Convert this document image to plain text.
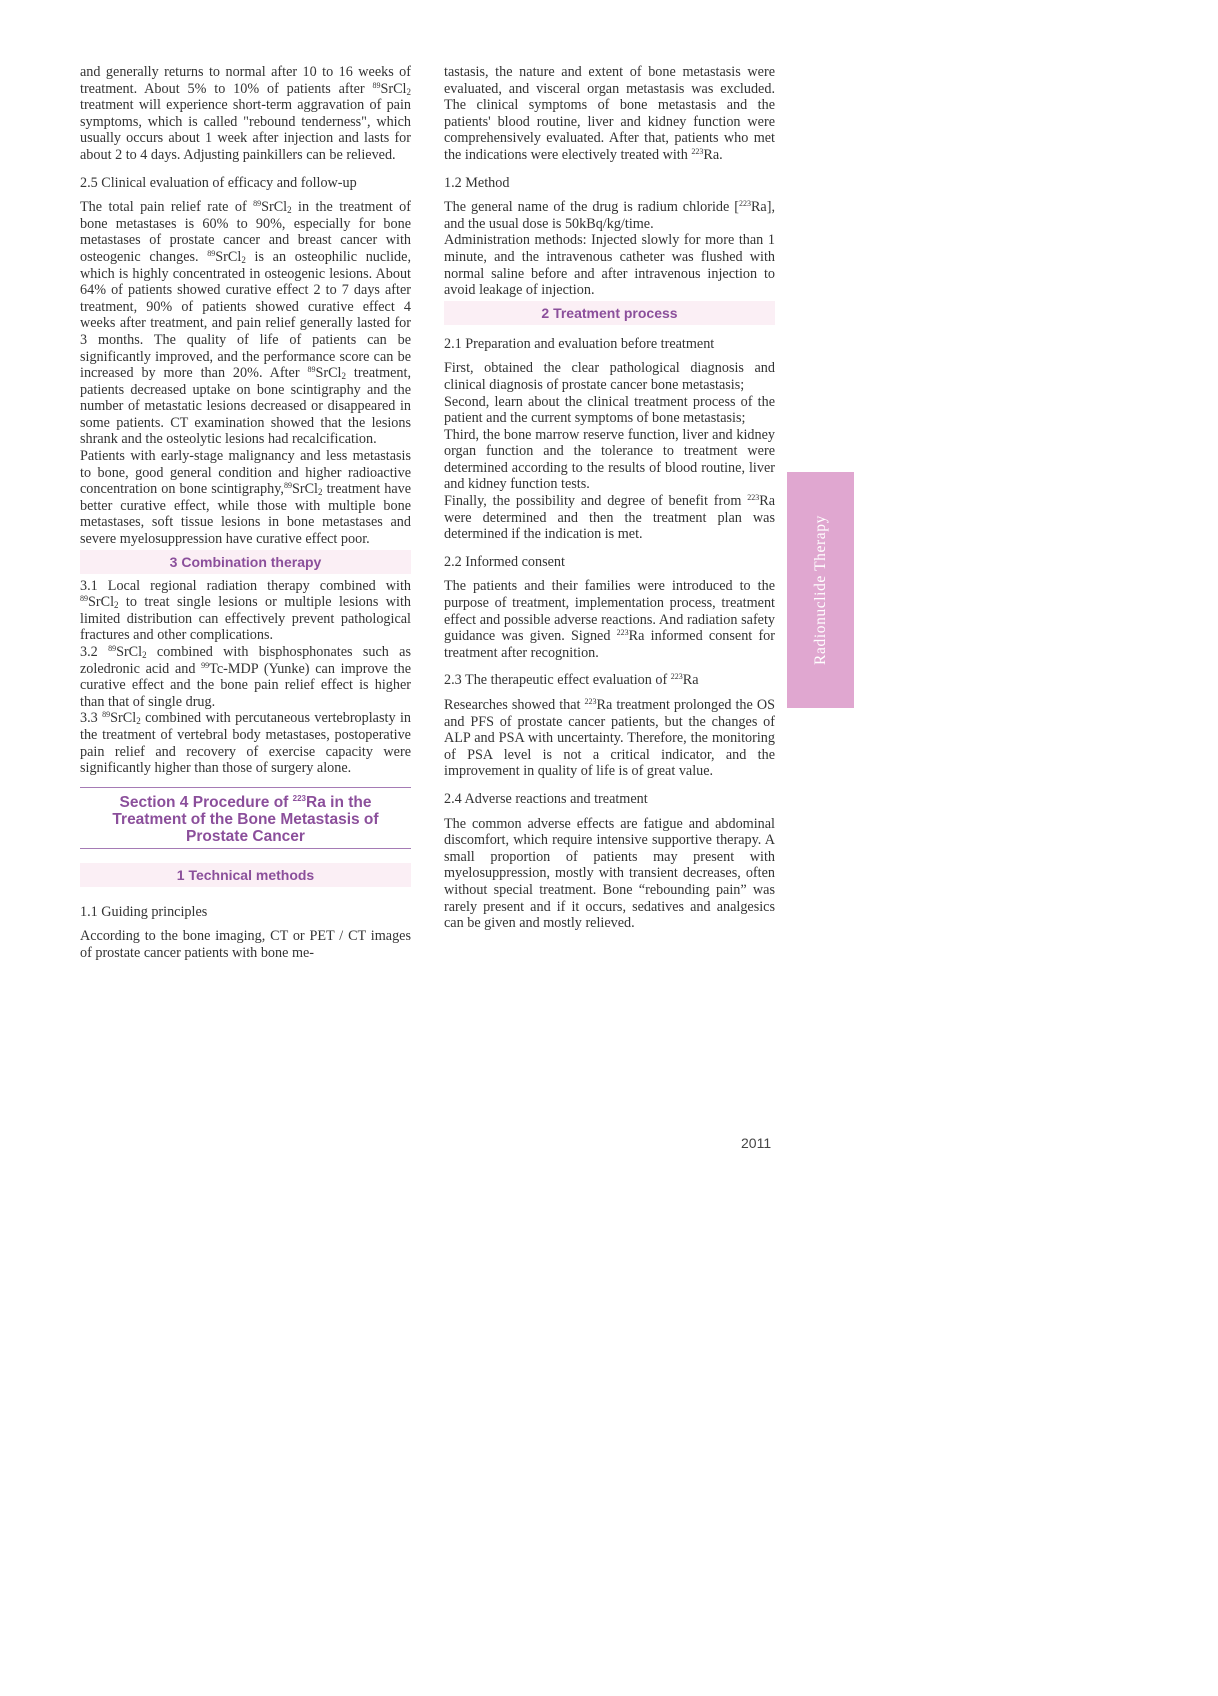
and generally returns to normal after 10 to 16 weeks of treatment. About 5% to 10% of patients after $^{89}$SrCl$_2$ treatment will experience short-term aggravation of pain symptoms, which is called "rebound tenderness", which usually occurs about 1 week after injection and lasts for about 2 to 4 days. Adjusting painkillers can be relieved.

2.5 Clinical evaluation of efficacy and follow-up

The total pain relief rate of $^{89}$SrCl$_2$ in the treatment of bone metastases is 60% to 90%, especially for bone metastases of prostate cancer and breast cancer with osteogenic changes. $^{89}$SrCl$_2$ is an osteophilic nuclide, which is highly concentrated in osteogenic lesions. About 64% of patients showed curative effect 2 to 7 days after treatment, 90% of patients showed curative effect 4 weeks after treatment, and pain relief generally lasted for 3 months. The quality of life of patients can be significantly improved, and the performance score can be increased by more than 20%. After $^{89}$SrCl$_2$ treatment, patients decreased uptake on bone scintigraphy and the number of metastatic lesions decreased or disappeared in some patients. CT examination showed that the lesions shrank and the osteolytic lesions had recalcification.

Patients with early-stage malignancy and less metastasis to bone, good general condition and higher radioactive concentration on bone scintigraphy,$^{89}$SrCl$_2$ treatment have better curative effect, while those with multiple bone metastases, soft tissue lesions in bone metastases and severe myelosuppression have curative effect poor.

3 Combination therapy

3.1 Local regional radiation therapy combined with $^{89}$SrCl$_2$ to treat single lesions or multiple lesions with limited distribution can effectively prevent pathological fractures and other complications.

3.2 $^{89}$SrCl$_2$ combined with bisphosphonates such as zoledronic acid and $^{99}$Tc-MDP (Yunke) can improve the curative effect and the bone pain relief effect is higher than that of single drug.

3.3 $^{89}$SrCl$_2$ combined with percutaneous vertebroplasty in the treatment of vertebral body metastases, postoperative pain relief and recovery of exercise capacity were significantly higher than those of surgery alone.

Section 4 Procedure of $^{223}$Ra in the Treatment of the Bone Metastasis of Prostate Cancer
1 Technical methods

1.1 Guiding principles

According to the bone imaging, CT or PET / CT images of prostate cancer patients with bone me-

tastasis, the nature and extent of bone metastasis were evaluated, and visceral organ metastasis was excluded. The clinical symptoms of bone metastasis and the patients' blood routine, liver and kidney function were comprehensively evaluated. After that, patients who met the indications were electively treated with $^{223}$Ra.

1.2 Method

The general name of the drug is radium chloride [$^{223}$Ra], and the usual dose is 50kBq/kg/time.

Administration methods: Injected slowly for more than 1 minute, and the intravenous catheter was flushed with normal saline before and after intravenous injection to avoid leakage of injection.

2 Treatment process

2.1 Preparation and evaluation before treatment

First, obtained the clear pathological diagnosis and clinical diagnosis of prostate cancer bone metastasis;

Second, learn about the clinical treatment process of the patient and the current symptoms of bone metastasis;

Third, the bone marrow reserve function, liver and kidney organ function and the tolerance to treatment were determined according to the results of blood routine, liver and kidney function tests.

Finally, the possibility and degree of benefit from $^{223}$Ra were determined and then the treatment plan was determined if the indication is met.

2.2 Informed consent

The patients and their families were introduced to the purpose of treatment, implementation process, treatment effect and possible adverse reactions. And radiation safety guidance was given. Signed $^{223}$Ra informed consent for treatment after recognition.

2.3 The therapeutic effect evaluation of $^{223}$Ra

Researches showed that $^{223}$Ra treatment prolonged the OS and PFS of prostate cancer patients, but the changes of ALP and PSA with uncertainty. Therefore, the monitoring of PSA level is not a critical indicator, and the improvement in quality of life is of great value.

2.4 Adverse reactions and treatment

The common adverse effects are fatigue and abdominal discomfort, which require intensive supportive therapy. A small proportion of patients may present with myelosuppression, mostly with transient decreases, often without special treatment. Bone “rebounding pain” was rarely present and if it occurs, sedatives and analgesics can be given and mostly relieved.

Radionuclide Therapy
2011
